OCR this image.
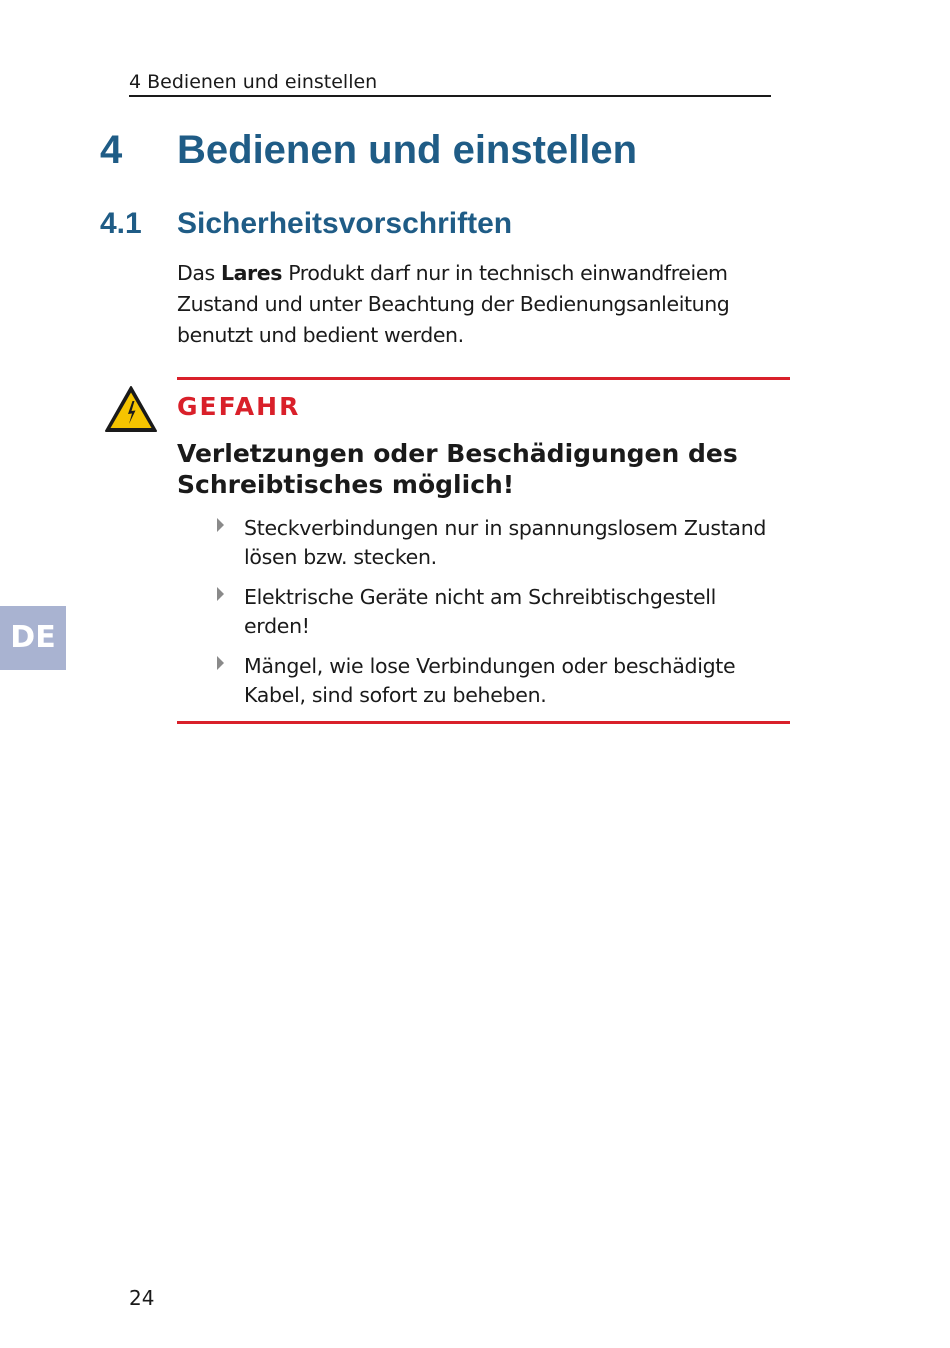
4 Bedienen und einstellen
4 Bedienen und einstellen
4.1 Sicherheitsvorschriften

Das Lares Produkt darf nur in technisch einwandfreiem Zustand und unter Beachtung der Bedienungsanleitung benutzt und bedient werden.

GEFAHR
Verletzungen oder Beschädigungen des Schreibtisches möglich!
Steckverbindungen nur in spannungslosem Zustand lösen bzw. stecken.
Elektrische Geräte nicht am Schreibtischgestell erden!
Mängel, wie lose Verbindungen oder beschädigte Kabel, sind sofort zu beheben.
DE
24
